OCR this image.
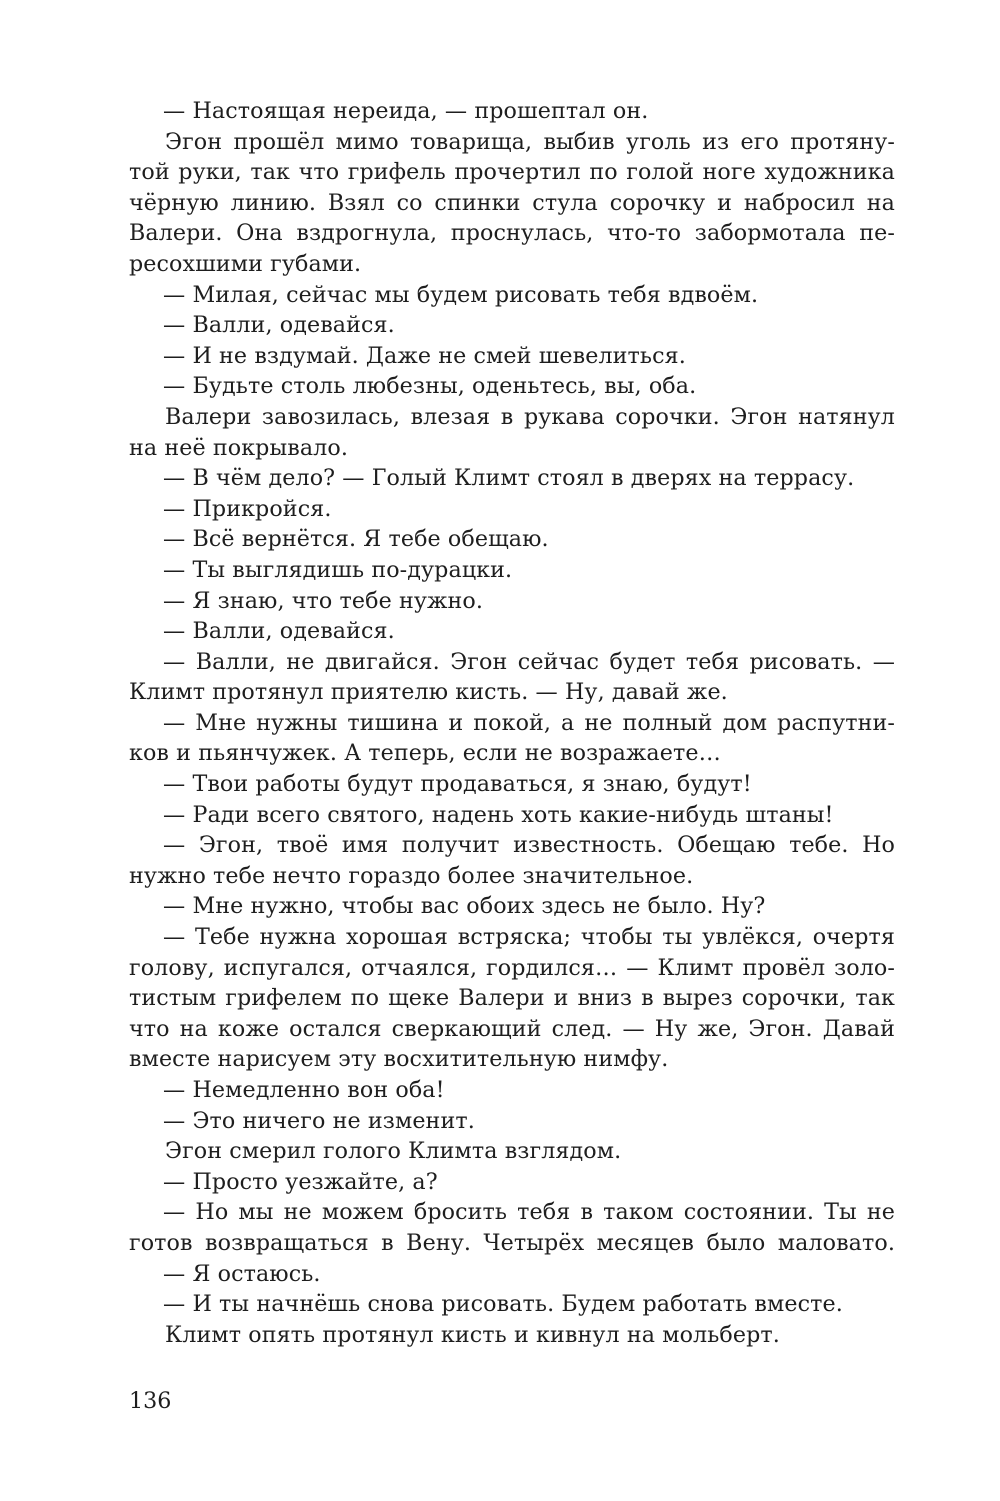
— Настоящая нереида, — прошептал он.
Эгон прошёл мимо товарища, выбив уголь из его протяну-
той руки, так что грифель прочертил по голой ноге художника
чёрную линию. Взял со спинки стула сорочку и набросил на
Валери. Она вздрогнула, проснулась, что-то забормотала пе-
ресохшими губами.
— Милая, сейчас мы будем рисовать тебя вдвоём.
— Валли, одевайся.
— И не вздумай. Даже не смей шевелиться.
— Будьте столь любезны, оденьтесь, вы, оба.
Валери завозилась, влезая в рукава сорочки. Эгон натянул
на неё покрывало.
— В чём дело? — Голый Климт стоял в дверях на террасу.
— Прикройся.
— Всё вернётся. Я тебе обещаю.
— Ты выглядишь по-дурацки.
— Я знаю, что тебе нужно.
— Валли, одевайся.
— Валли, не двигайся. Эгон сейчас будет тебя рисовать. —
Климт протянул приятелю кисть. — Ну, давай же.
— Мне нужны тишина и покой, а не полный дом распутни-
ков и пьянчужек. А теперь, если не возражаете…
— Твои работы будут продаваться, я знаю, будут!
— Ради всего святого, надень хоть какие-нибудь штаны!
— Эгон, твоё имя получит известность. Обещаю тебе. Но
нужно тебе нечто гораздо более значительное.
— Мне нужно, чтобы вас обоих здесь не было. Ну?
— Тебе нужна хорошая встряска; чтобы ты увлёкся, очертя
голову, испугался, отчаялся, гордился… — Климт провёл золо-
тистым грифелем по щеке Валери и вниз в вырез сорочки, так
что на коже остался сверкающий след. — Ну же, Эгон. Давай
вместе нарисуем эту восхитительную нимфу.
— Немедленно вон оба!
— Это ничего не изменит.
Эгон смерил голого Климта взглядом.
— Просто уезжайте, а?
— Но мы не можем бросить тебя в таком состоянии. Ты не
готов возвращаться в Вену. Четырёх месяцев было маловато.
— Я остаюсь.
— И ты начнёшь снова рисовать. Будем работать вместе.
Климт опять протянул кисть и кивнул на мольберт.
136
